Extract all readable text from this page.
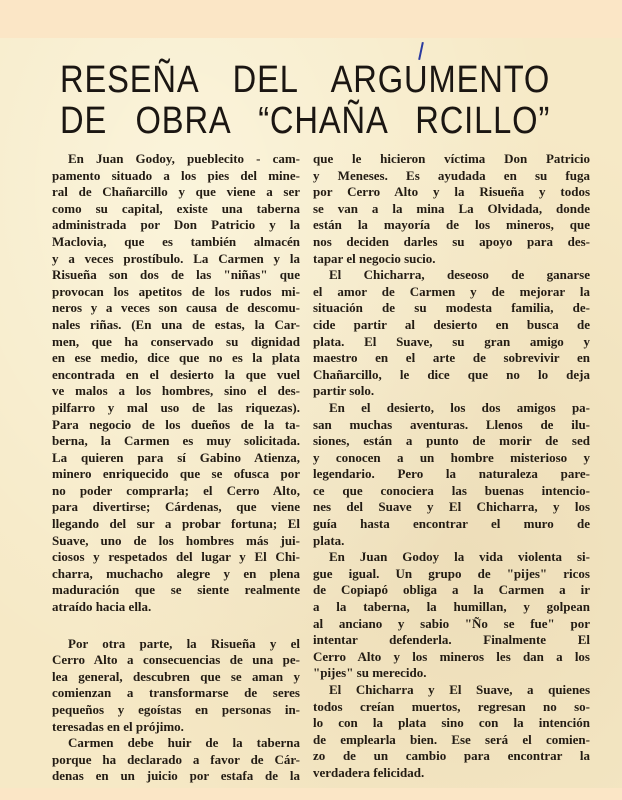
RESEÑA DEL ARGUMENTO
DE OBRA “CHAÑA RCILLO”
En Juan Godoy, pueblecito - cam-
pamento situado a los pies del mine-
ral de Chañarcillo y que viene a ser
como su capital, existe una taberna
administrada por Don Patricio y la
Maclovia, que es también almacén
y a veces prostíbulo. La Carmen y la
Risueña son dos de las "niñas" que
provocan los apetitos de los rudos mi-
neros y a veces son causa de descomu-
nales riñas. (En una de estas, la Car-
men, que ha conservado su dignidad
en ese medio, dice que no es la plata
encontrada en el desierto la que vuel
ve malos a los hombres, sino el des-
pilfarro y mal uso de las riquezas).
Para negocio de los dueños de la ta-
berna, la Carmen es muy solicitada.
La quieren para sí Gabino Atienza,
minero enriquecido que se ofusca por
no poder comprarla; el Cerro Alto,
para divertirse; Cárdenas, que viene
llegando del sur a probar fortuna; El
Suave, uno de los hombres más jui-
ciosos y respetados del lugar y El Chi-
charra, muchacho alegre y en plena
maduración que se siente realmente
atraído hacia ella.
Por otra parte, la Risueña y el
Cerro Alto a consecuencias de una pe-
lea general, descubren que se aman y
comienzan a transformarse de seres
pequeños y egoístas en personas in-
teresadas en el prójimo.
Carmen debe huir de la taberna
porque ha declarado a favor de Cár-
denas en un juicio por estafa de la
que le hicieron víctima Don Patricio
y Meneses. Es ayudada en su fuga
por Cerro Alto y la Risueña y todos
se van a la mina La Olvidada, donde
están la mayoría de los mineros, que
nos deciden darles su apoyo para des-
tapar el negocio sucio.
El Chicharra, deseoso de ganarse
el amor de Carmen y de mejorar la
situación de su modesta familia, de-
cide partir al desierto en busca de
plata. El Suave, su gran amigo y
maestro en el arte de sobrevivir en
Chañarcillo, le dice que no lo deja
partir solo.
En el desierto, los dos amigos pa-
san muchas aventuras. Llenos de ilu-
siones, están a punto de morir de sed
y conocen a un hombre misterioso y
legendario. Pero la naturaleza pare-
ce que conociera las buenas intencio-
nes del Suave y El Chicharra, y los
guía hasta encontrar el muro de
plata.
En Juan Godoy la vida violenta si-
gue igual. Un grupo de "pijes" ricos
de Copiapó obliga a la Carmen a ir
a la taberna, la humillan, y golpean
al anciano y sabio "Ño se fue" por
intentar defenderla. Finalmente El
Cerro Alto y los mineros les dan a los
"pijes" su merecido.
El Chicharra y El Suave, a quienes
todos creían muertos, regresan no so-
lo con la plata sino con la intención
de emplearla bien. Ese será el comien-
zo de un cambio para encontrar la
verdadera felicidad.
